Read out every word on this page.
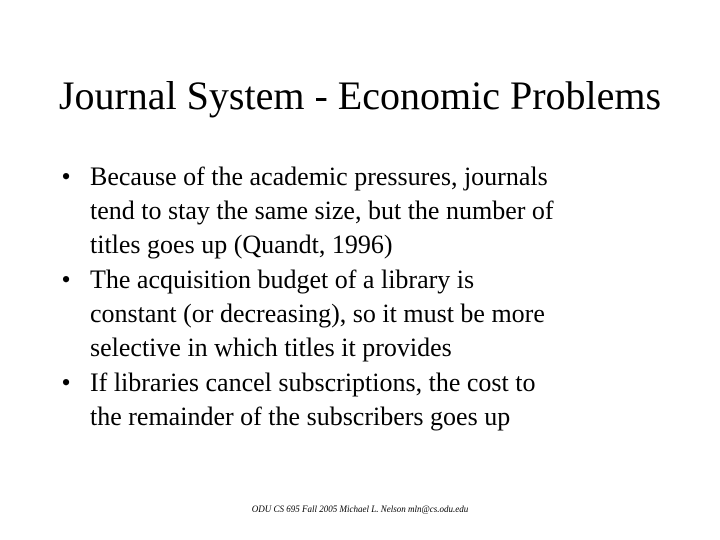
Journal System - Economic Problems
• Because of the academic pressures, journals
tend to stay the same size, but the number of
titles goes up (Quandt, 1996)
• The acquisition budget of a library is
constant (or decreasing), so it must be more
selective in which titles it provides
• If libraries cancel subscriptions, the cost to
the remainder of the subscribers goes up
ODU CS 695 Fall 2005 Michael L. Nelson mln@cs.odu.edu
